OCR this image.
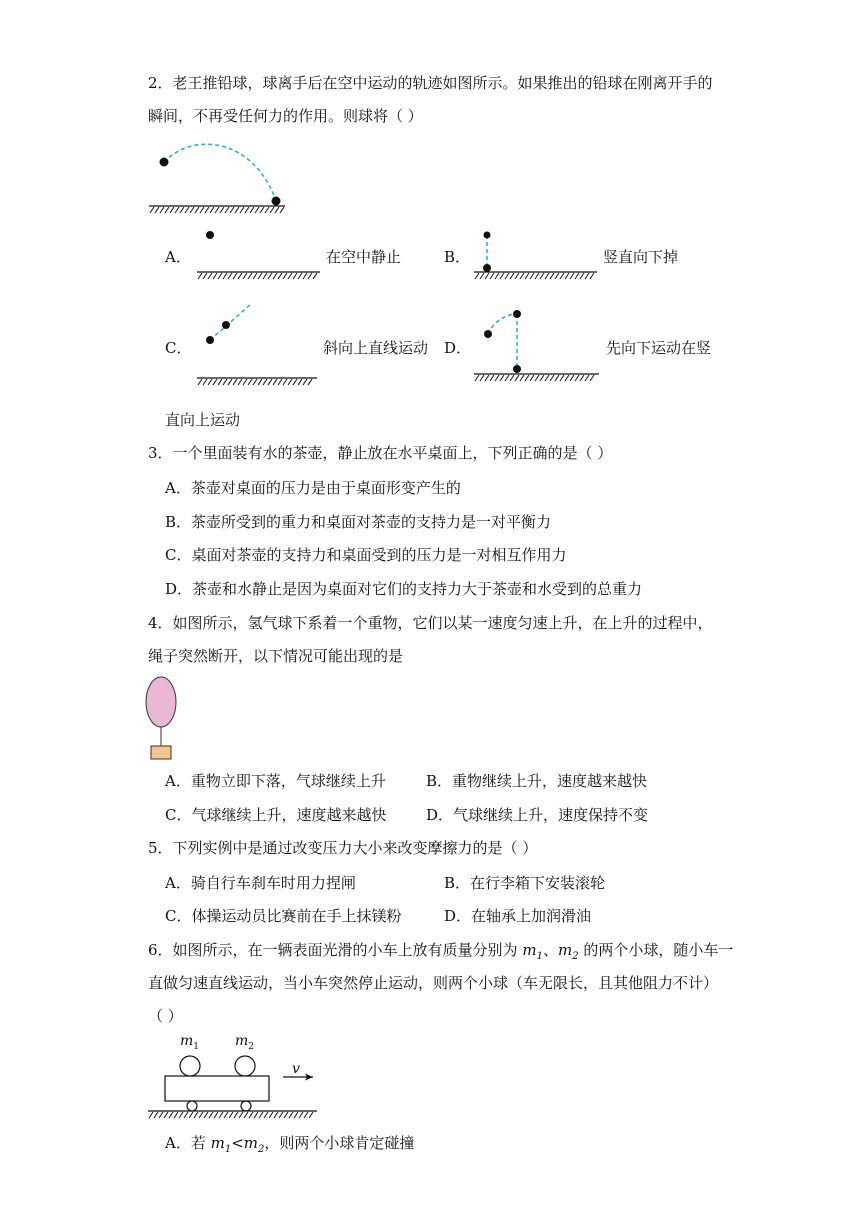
2．老王推铅球，球离手后在空中运动的轨迹如图所示。如果推出的铅球在刚离开手的
瞬间，不再受任何力的作用。则球将（ ）
A．	在空中静止	B．	竖直向下掉
C．	斜向上直线运动 D．	先向下运动在竖
直向上运动
3．一个里面装有水的茶壶，静止放在水平桌面上，下列正确的是（ ）
A．茶壶对桌面的压力是由于桌面形变产生的
B．茶壶所受到的重力和桌面对茶壶的支持力是一对平衡力
C．桌面对茶壶的支持力和桌面受到的压力是一对相互作用力
D．茶壶和水静止是因为桌面对它们的支持力大于茶壶和水受到的总重力
4．如图所示，氢气球下系着一个重物，它们以某一速度匀速上升，在上升的过程中，
绳子突然断开，以下情况可能出现的是
A．重物立即下落，气球继续上升	B．重物继续上升，速度越来越快
C．气球继续上升，速度越来越快	D．气球继续上升，速度保持不变
5．下列实例中是通过改变压力大小来改变摩擦力的是（ ）
A．骑自行车刹车时用力捏闸	B．在行李箱下安装滚轮
C．体操运动员比赛前在手上抹镁粉	D．在轴承上加润滑油
6．如图所示，在一辆表面光滑的小车上放有质量分别为 $m_1$、$m_2$ 的两个小球，随小车一
直做匀速直线运动，当小车突然停止运动，则两个小球（车无限长，且其他阻力不计）
（ ）
$m_1$	$m_2$
v
A．若 $m_1<m_2$，则两个小球肯定碰撞
